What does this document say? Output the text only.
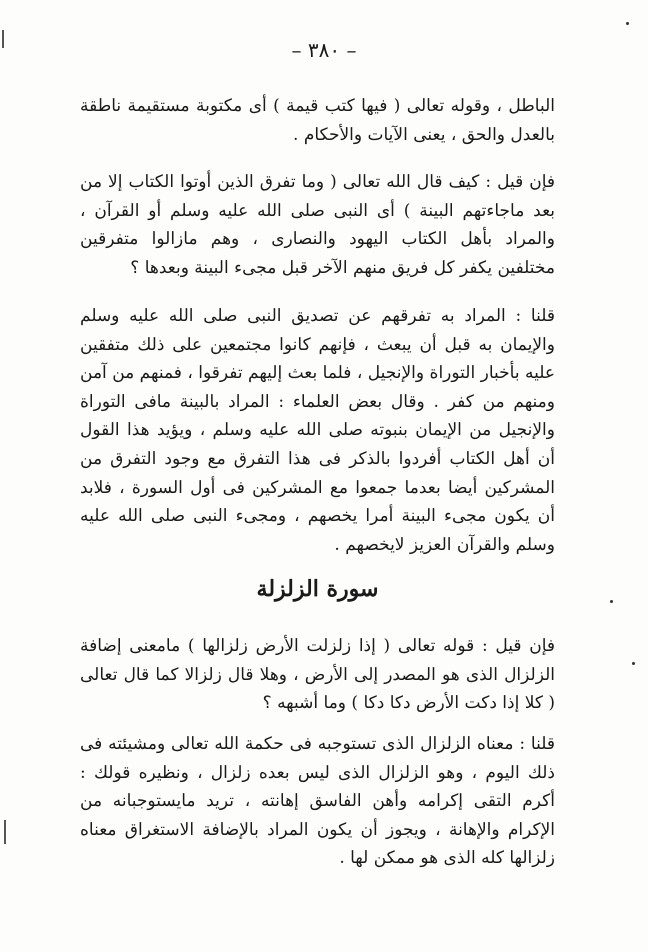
– ٣٨٠ –

الباطل ، وقوله تعالى ( فيها كتب قيمة ) أى مكتوبة مستقيمة ناطقة بالعدل والحق ، يعنى الآيات والأحكام .

فإن قيل : كيف قال الله تعالى ( وما تفرق الذين أوتوا الكتاب إلا من بعد ماجاءتهم البينة ) أى النبى صلى الله عليه وسلم أو القرآن ، والمراد بأهل الكتاب اليهود والنصارى ، وهم مازالوا متفرقين مختلفين يكفر كل فريق منهم الآخر قبل مجىء البينة وبعدها ؟

قلنا : المراد به تفرقهم عن تصديق النبى صلى الله عليه وسلم والإيمان به قبل أن يبعث ، فإنهم كانوا مجتمعين على ذلك متفقين عليه بأخبار التوراة والإنجيل ، فلما بعث إليهم تفرقوا ، فمنهم من آمن ومنهم من كفر . وقال بعض العلماء : المراد بالبينة مافى التوراة والإنجيل من الإيمان بنبوته صلى الله عليه وسلم ، ويؤيد هذا القول أن أهل الكتاب أفردوا بالذكر فى هذا التفرق مع وجود التفرق من المشركين أيضا بعدما جمعوا مع المشركين فى أول السورة ، فلابد أن يكون مجىء البينة أمرا يخصهم ، ومجىء النبى صلى الله عليه وسلم والقرآن العزيز لايخصهم .

سورة الزلزلة

فإن قيل : قوله تعالى ( إذا زلزلت الأرض زلزالها ) مامعنى إضافة الزلزال الذى هو المصدر إلى الأرض ، وهلا قال زلزالا كما قال تعالى ( كلا إذا دكت الأرض دكا دكا ) وما أشبهه ؟

قلنا : معناه الزلزال الذى تستوجبه فى حكمة الله تعالى ومشيئته فى ذلك اليوم ، وهو الزلزال الذى ليس بعده زلزال ، ونظيره قولك : أكرم التقى إكرامه وأهن الفاسق إهانته ، تريد مايستوجبانه من الإكرام والإهانة ، ويجوز أن يكون المراد بالإضافة الاستغراق معناه زلزالها كله الذى هو ممكن لها .
